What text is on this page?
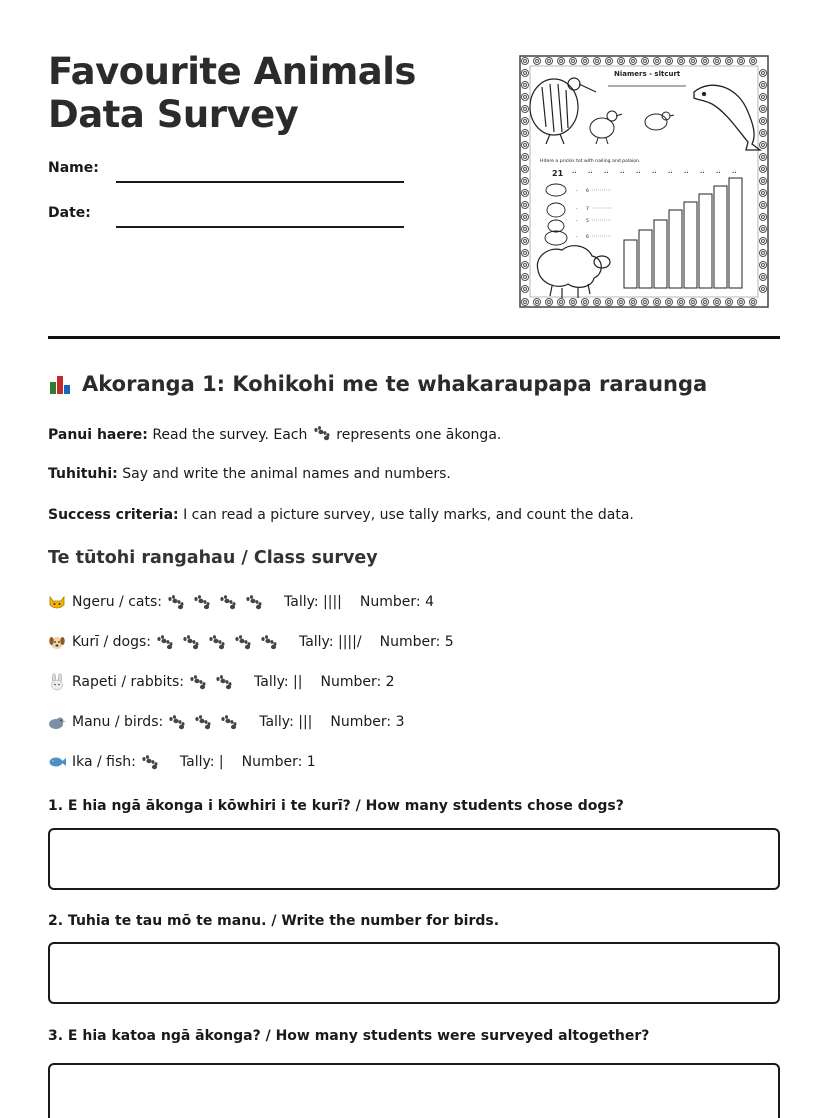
Favourite Animals Data Survey
Name:
Date:
Niamers - sltcurt
Hitere a prickis tot with nailing and polaion.
21 ••	••	••	••	••	••	••	••	••	••	••
- 6
- 7
- 5
- 6
Akoranga 1: Kohikohi me te whakaraupapa raraunga

Panui haere: Read the survey. Each represents one ākonga.

Tuhituhi: Say and write the animal names and numbers.

Success criteria: I can read a picture survey, use tally marks, and count the data.

Te tūtohi rangahau / Class survey
Ngeru / cats:	Tally: |||| Number: 4
Kurī / dogs:	Tally: ||||/ Number: 5
Rapeti / rabbits:	Tally: || Number: 2
Manu / birds:	Tally: ||| Number: 3
Ika / fish:	Tally: | Number: 1
1. E hia ngā ākonga i kōwhiri i te kurī? / How many students chose dogs?
2. Tuhia te tau mō te manu. / Write the number for birds.
3. E hia katoa ngā ākonga? / How many students were surveyed altogether?
